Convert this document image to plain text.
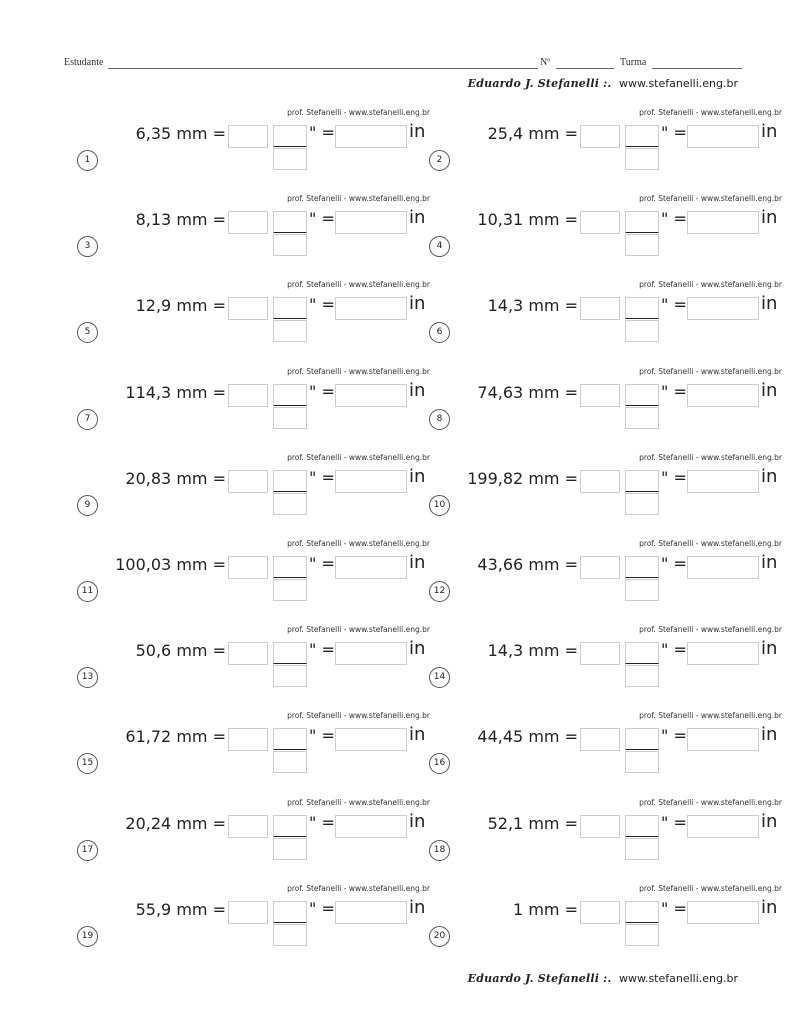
Estudante	Nº	Turma
Eduardo J. Stefanelli :. www.stefanelli.eng.br
prof. Stefanelli - www.stefanelli.eng.br
6,35 mm =	" =	in
1
prof. Stefanelli - www.stefanelli.eng.br
25,4 mm =	" =	in
2
prof. Stefanelli - www.stefanelli.eng.br
8,13 mm =	" =	in
3
prof. Stefanelli - www.stefanelli.eng.br
10,31 mm =	" =	in
4
prof. Stefanelli - www.stefanelli.eng.br
12,9 mm =	" =	in
5
prof. Stefanelli - www.stefanelli.eng.br
14,3 mm =	" =	in
6
prof. Stefanelli - www.stefanelli.eng.br
114,3 mm =	" =	in
7
prof. Stefanelli - www.stefanelli.eng.br
74,63 mm =	" =	in
8
prof. Stefanelli - www.stefanelli.eng.br
20,83 mm =	" =	in
9
prof. Stefanelli - www.stefanelli.eng.br
199,82 mm =	" =	in
10
prof. Stefanelli - www.stefanelli.eng.br
100,03 mm =	" =	in
11
prof. Stefanelli - www.stefanelli.eng.br
43,66 mm =	" =	in
12
prof. Stefanelli - www.stefanelli.eng.br
50,6 mm =	" =	in
13
prof. Stefanelli - www.stefanelli.eng.br
14,3 mm =	" =	in
14
prof. Stefanelli - www.stefanelli.eng.br
61,72 mm =	" =	in
15
prof. Stefanelli - www.stefanelli.eng.br
44,45 mm =	" =	in
16
prof. Stefanelli - www.stefanelli.eng.br
20,24 mm =	" =	in
17
prof. Stefanelli - www.stefanelli.eng.br
52,1 mm =	" =	in
18
prof. Stefanelli - www.stefanelli.eng.br
55,9 mm =	" =	in
19
prof. Stefanelli - www.stefanelli.eng.br
1 mm =	" =	in
20
Eduardo J. Stefanelli :. www.stefanelli.eng.br
